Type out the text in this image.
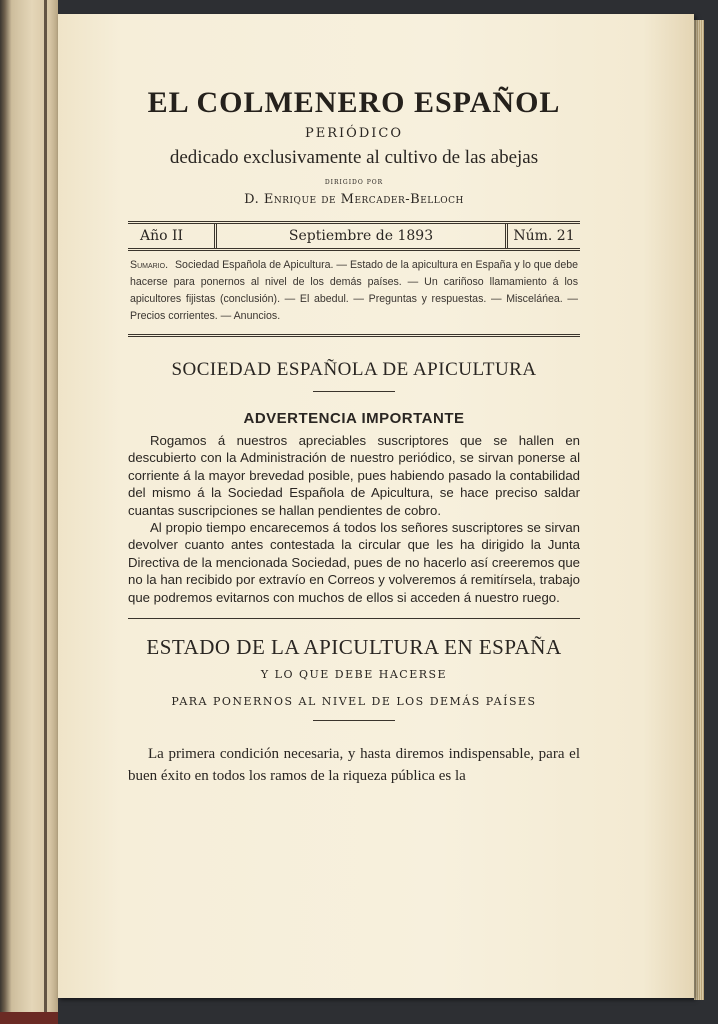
EL COLMENERO ESPAÑOL
PERIÓDICO
dedicado exclusivamente al cultivo de las abejas
DIRIGIDO POR
D. Enrique de Mercader-Belloch
Año II	Septiembre de 1893	Núm. 21
Sumario. Sociedad Española de Apicultura. — Estado de la apicultura en España y lo que debe hacerse para ponernos al nivel de los demás países. — Un cariñoso llamamiento á los apicultores fijistas (conclusión). — El abedul. — Preguntas y respuestas. — Misceláńea. — Precios corrientes. — Anuncios.
SOCIEDAD ESPAÑOLA DE APICULTURA
ADVERTENCIA IMPORTANTE

Rogamos á nuestros apreciables suscriptores que se hallen en descubierto con la Administración de nuestro periódico, se sirvan ponerse al corriente á la mayor brevedad posible, pues habiendo pasado la contabilidad del mismo á la Sociedad Española de Apicultura, se hace preciso saldar cuantas suscripciones se hallan pendientes de cobro.

Al propio tiempo encarecemos á todos los señores suscriptores se sirvan devolver cuanto antes contestada la circular que les ha dirigido la Junta Directiva de la mencionada Sociedad, pues de no hacerlo así creeremos que no la han recibido por extravío en Correos y volveremos á remitírsela, trabajo que podremos evitarnos con muchos de ellos si acceden á nuestro ruego.

ESTADO DE LA APICULTURA EN ESPAÑA
Y LO QUE DEBE HACERSE
PARA PONERNOS AL NIVEL DE LOS DEMÁS PAÍSES

La primera condición necesaria, y hasta diremos indispensable, para el buen éxito en todos los ramos de la riqueza pública es la
